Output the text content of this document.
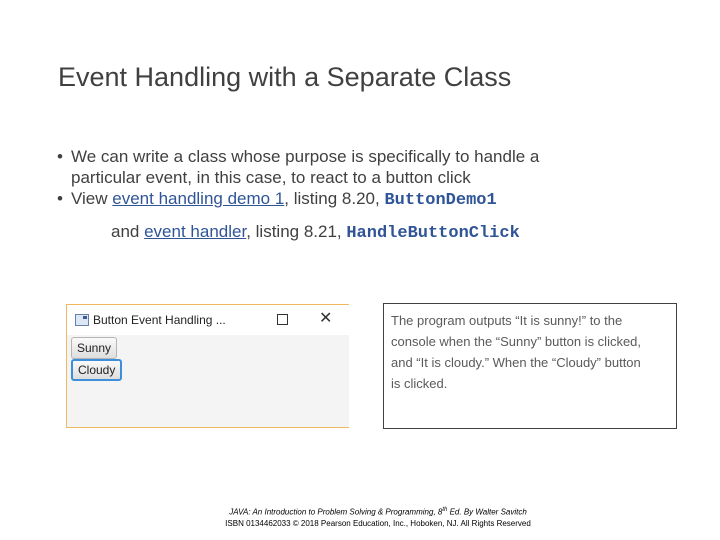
Event Handling with a Separate Class
• We can write a class whose purpose is specifically to handle a
particular event, in this case, to react to a button click
• View event handling demo 1, listing 8.20, ButtonDemo1
and event handler, listing 8.21, HandleButtonClick
Button Event Handling ...	✕
Sunny
Cloudy
The program outputs “It is sunny!” to the console when the “Sunny” button is clicked, and “It is cloudy.” When the “Cloudy” button is clicked.
JAVA: An Introduction to Problem Solving & Programming, 8th Ed. By Walter Savitch
ISBN 0134462033 © 2018 Pearson Education, Inc., Hoboken, NJ. All Rights Reserved
